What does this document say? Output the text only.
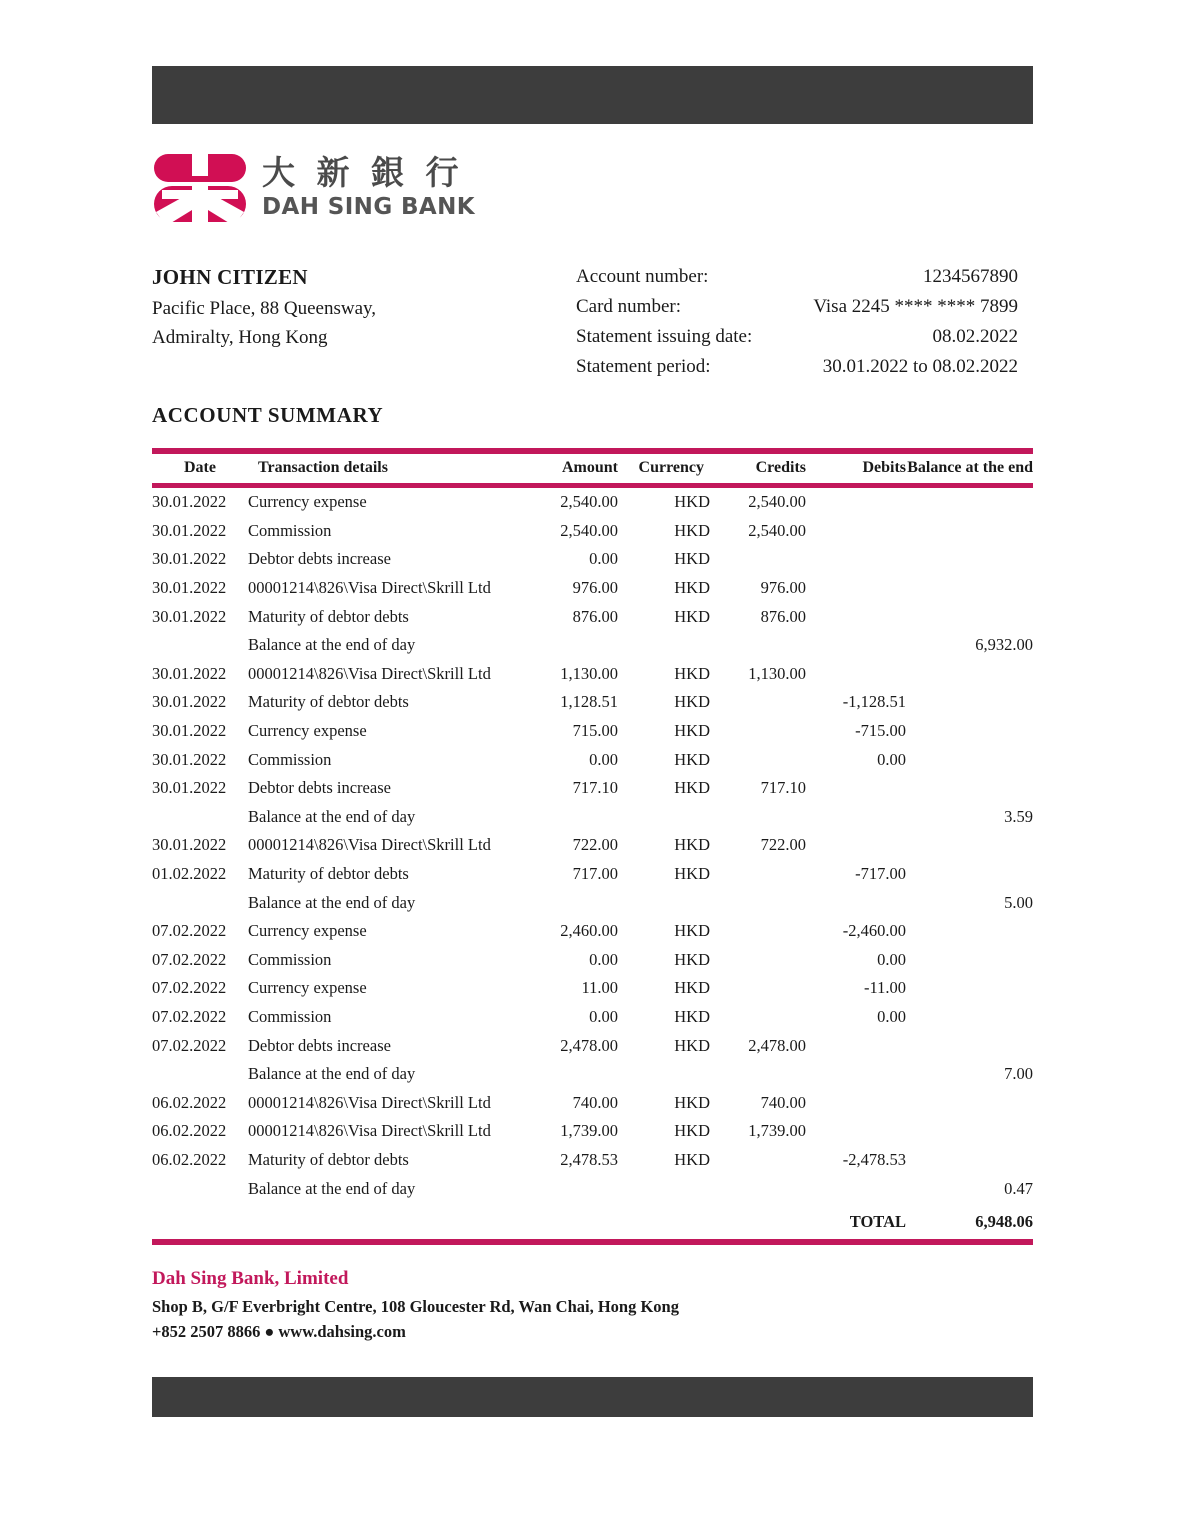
大 新 銀 行
DAH SING BANK
JOHN CITIZEN
Pacific Place, 88 Queensway,
Admiralty, Hong Kong
Account number:	1234567890
Card number:	Visa 2245 **** **** 7899
Statement issuing date:	08.02.2022
Statement period:	30.01.2022 to 08.02.2022
ACCOUNT SUMMARY
Date	Transaction details	Amount	Currency	Credits	Debits	Balance at the end
30.01.2022	Currency expense	2,540.00	HKD	2,540.00		
30.01.2022	Commission	2,540.00	HKD	2,540.00		
30.01.2022	Debtor debts increase	0.00	HKD			
30.01.2022	00001214\826\Visa Direct\Skrill Ltd	976.00	HKD	976.00		
30.01.2022	Maturity of debtor debts	876.00	HKD	876.00		
	Balance at the end of day					6,932.00
30.01.2022	00001214\826\Visa Direct\Skrill Ltd	1,130.00	HKD	1,130.00		
30.01.2022	Maturity of debtor debts	1,128.51	HKD		-1,128.51	
30.01.2022	Currency expense	715.00	HKD		-715.00	
30.01.2022	Commission	0.00	HKD		0.00	
30.01.2022	Debtor debts increase	717.10	HKD	717.10		
	Balance at the end of day					3.59
30.01.2022	00001214\826\Visa Direct\Skrill Ltd	722.00	HKD	722.00		
01.02.2022	Maturity of debtor debts	717.00	HKD		-717.00	
	Balance at the end of day					5.00
07.02.2022	Currency expense	2,460.00	HKD		-2,460.00	
07.02.2022	Commission	0.00	HKD		0.00	
07.02.2022	Currency expense	11.00	HKD		-11.00	
07.02.2022	Commission	0.00	HKD		0.00	
07.02.2022	Debtor debts increase	2,478.00	HKD	2,478.00		
	Balance at the end of day					7.00
06.02.2022	00001214\826\Visa Direct\Skrill Ltd	740.00	HKD	740.00		
06.02.2022	00001214\826\Visa Direct\Skrill Ltd	1,739.00	HKD	1,739.00		
06.02.2022	Maturity of debtor debts	2,478.53	HKD		-2,478.53	
	Balance at the end of day					0.47
					TOTAL	6,948.06
Dah Sing Bank, Limited
Shop B, G/F Everbright Centre, 108 Gloucester Rd, Wan Chai, Hong Kong
+852 2507 8866 ● www.dahsing.com
